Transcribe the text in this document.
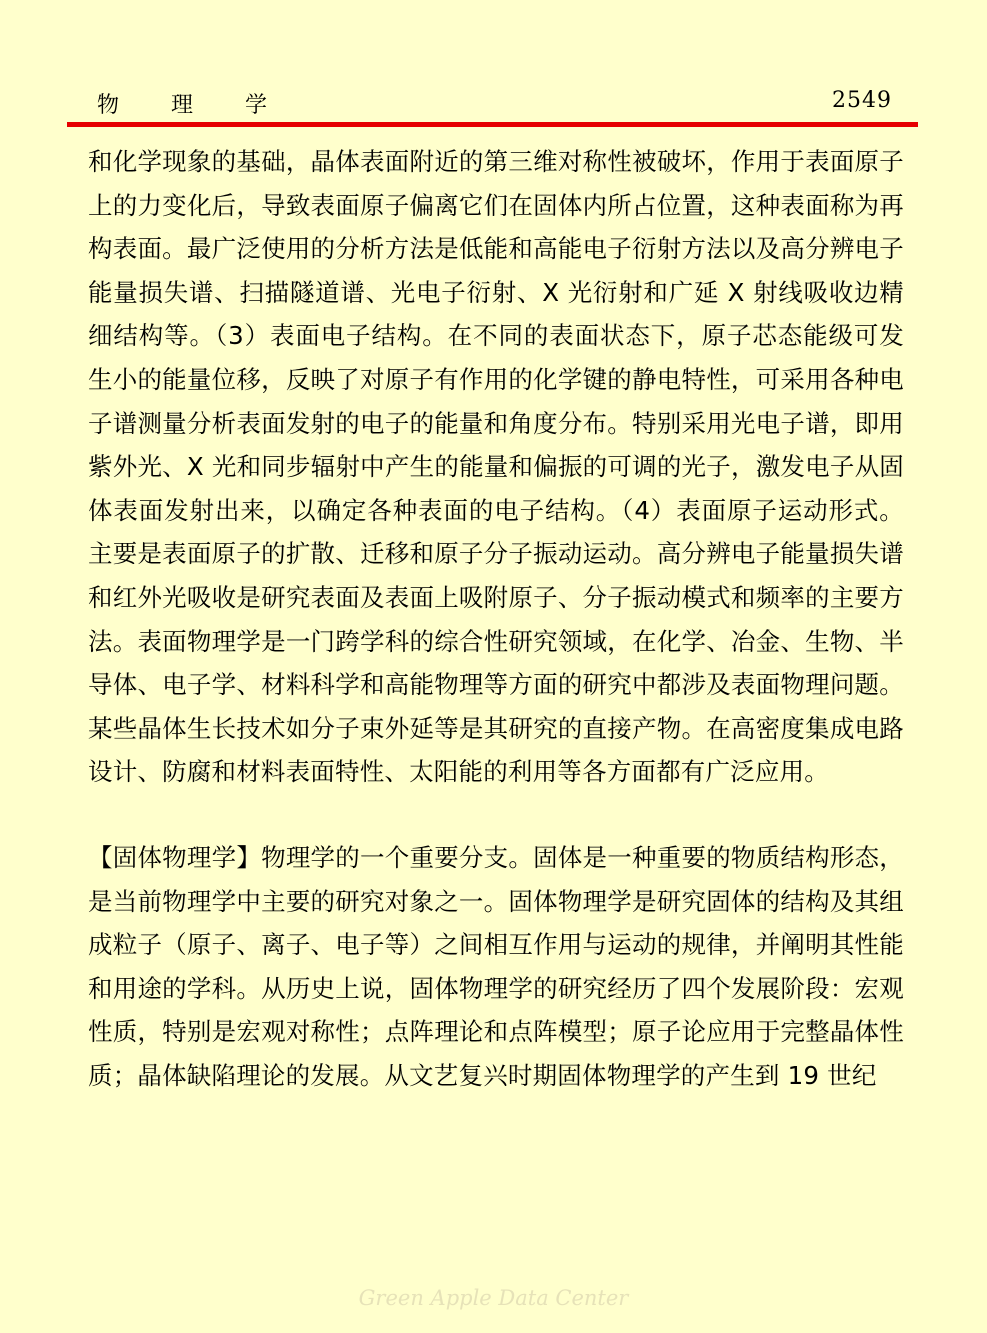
物理学	2549

和化学现象的基础，晶体表面附近的第三维对称性被破坏，作用于表面原子上的力变化后，导致表面原子偏离它们在固体内所占位置，这种表面称为再构表面。最广泛使用的分析方法是低能和高能电子衍射方法以及高分辨电子能量损失谱、扫描隧道谱、光电子衍射、X 光衍射和广延 X 射线吸收边精细结构等。（3）表面电子结构。在不同的表面状态下，原子芯态能级可发生小的能量位移，反映了对原子有作用的化学键的静电特性，可采用各种电子谱测量分析表面发射的电子的能量和角度分布。特别采用光电子谱，即用紫外光、X 光和同步辐射中产生的能量和偏振的可调的光子，激发电子从固体表面发射出来，以确定各种表面的电子结构。（4）表面原子运动形式。主要是表面原子的扩散、迁移和原子分子振动运动。高分辨电子能量损失谱和红外光吸收是研究表面及表面上吸附原子、分子振动模式和频率的主要方法。表面物理学是一门跨学科的综合性研究领域，在化学、冶金、生物、半导体、电子学、材料科学和高能物理等方面的研究中都涉及表面物理问题。某些晶体生长技术如分子束外延等是其研究的直接产物。在高密度集成电路设计、防腐和材料表面特性、太阳能的利用等各方面都有广泛应用。

【固体物理学】物理学的一个重要分支。固体是一种重要的物质结构形态，是当前物理学中主要的研究对象之一。固体物理学是研究固体的结构及其组成粒子（原子、离子、电子等）之间相互作用与运动的规律，并阐明其性能和用途的学科。从历史上说，固体物理学的研究经历了四个发展阶段：宏观性质，特别是宏观对称性；点阵理论和点阵模型；原子论应用于完整晶体性质；晶体缺陷理论的发展。从文艺复兴时期固体物理学的产生到 19 世纪

Green Apple Data Center
